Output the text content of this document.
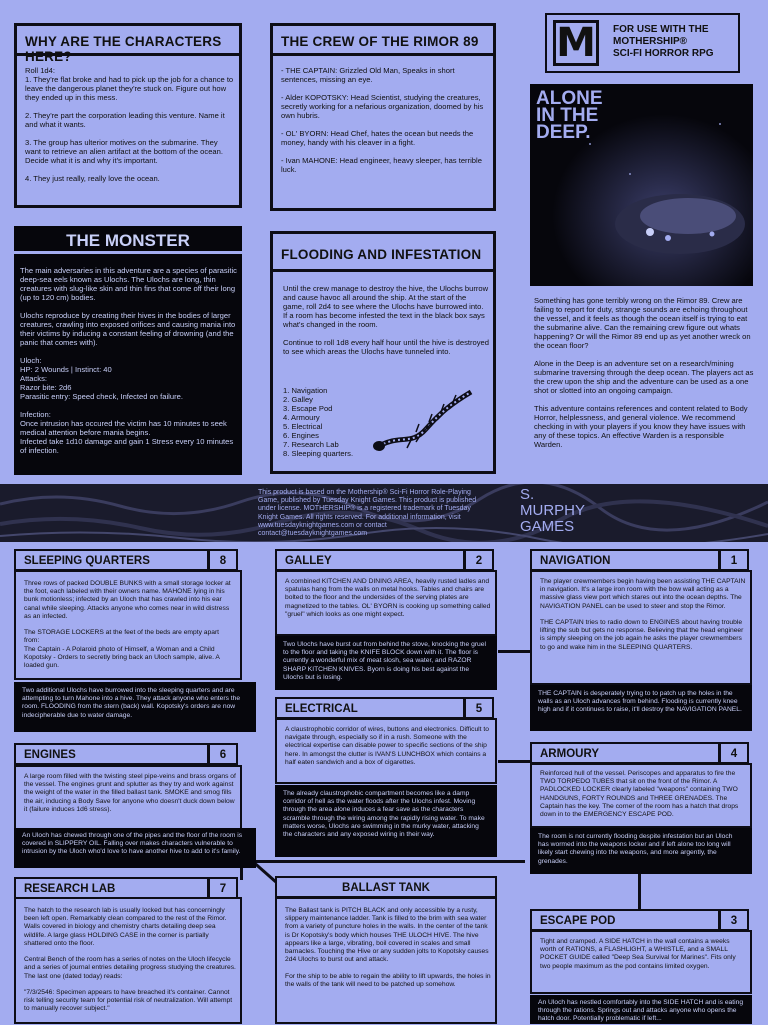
WHY ARE THE CHARACTERS HERE?
Roll 1d4:
1. They're flat broke and had to pick up the job for a chance to leave the dangerous planet they're stuck on. Figure out how they ended up in this mess.

2. They're part the corporation leading this venture. Name it and what it wants.

3. The group has ulterior motives on the submarine. They want to retrieve an alien artifact at the bottom of the ocean. Decide what it is and why it's important.

4. They just really, really love the ocean.
THE CREW OF THE RIMOR 89
- THE CAPTAIN: Grizzled Old Man, Speaks in short sentences, missing an eye.

- Alder KOPOTSKY: Head Scientist, studying the creatures, secretly working for a nefarious organization, doomed by his own hubris.

- OL' BYORN: Head Chef, hates the ocean but needs the money, handy with his cleaver in a fight.

- Ivan MAHONE: Head engineer, heavy sleeper, has terrible luck.
M	FOR USE WITH THE
MOTHERSHIP®
SCI-FI HORROR RPG
ALONE
IN THE
DEEP.
Something has gone terribly wrong on the Rimor 89. Crew are failing to report for duty, strange sounds are echoing throughout the vessel, and it feels as though the ocean itself is trying to eat the submarine alive. Can the remaining crew figure out whats happening? Or will the Rimor 89 end up as yet another wreck on the ocean floor?

Alone in the Deep is an adventure set on a research/mining submarine traversing through the deep ocean. The players act as the crew upon the ship and the adventure can be used as a one shot or slotted into an ongoing campaign.

This adventure contains references and content related to Body Horror, helplessness, and general violence. We recommend checking in with your players if you know they have issues with any of these topics. An effective Warden is a responsible Warden.
THE MONSTER
The main adversaries in this adventure are a species of parasitic deep-sea eels known as Ulochs. The Ulochs are long, thin creatures with slug-like skin and thin fins that come off their long (up to 120 cm) bodies.

Ulochs reproduce by creating their hives in the bodies of larger creatures, crawling into exposed orifices and causing mania into their victims by inducing a constant feeling of drowning (and the panic that comes with).

Uloch:
HP: 2 Wounds | Instinct: 40
Attacks:
Razor bite: 2d6
Parasitic entry: Speed check, Infected on failure.

Infection:
Once intrusion has occured the victim has 10 minutes to seek medical attention before mania begins.
Infected take 1d10 damage and gain 1 Stress every 10 minutes of infection.
FLOODING AND INFESTATION
Until the crew manage to destroy the hive, the Ulochs burrow and cause havoc all around the ship. At the start of the game, roll 2d4 to see where the Ulochs have burrowed into. If a room has become infested the text in the black box says what's changed in the room.

Continue to roll 1d8 every half hour until the hive is destroyed to see which areas the Ulochs have tunneled into.
1. Navigation
2. Galley
3. Escape Pod
4. Armoury
5. Electrical
6. Engines
7. Research Lab
8. Sleeping quarters.
This product is based on the Mothership® Sci-Fi Horror Role-Playing Game, published by Tuesday Knight Games. This product is published under license. MOTHERSHIP® is a registered trademark of Tuesday Knight Games. All rights reserved. For additional information, visit www.tuesdayknightgames.com or contact contact@tuesdayknightgames.com
S.
MURPHY
GAMES
Three rows of packed DOUBLE BUNKS with a small storage locker at the foot, each labeled with their owners name. MAHONE lying in his bunk motionless; infected by an Uloch that has crawled into his ear canal while sleeping. Attacks anyone who comes near in wild distress as an infected.

The STORAGE LOCKERS at the feet of the beds are empty apart from:
The Captain - A Polaroid photo of Himself, a Woman and a Child
Kopotsky - Orders to secretly bring back an Uloch sample, alive. A loaded gun.
SLEEPING QUARTERS	8
Two additional Ulochs have burrowed into the sleeping quarters and are attempting to turn Mahone into a hive. They attack anyone who enters the room. FLOODING from the stern (back) wall. Kopotsky's orders are now indecipherable due to water damage.
A large room filled with the twisting steel pipe-veins and brass organs of the vessel. The engines grunt and splutter as they try and work against the weight of the water in the filled ballast tank. SMOKE and smog fills the air, inducing a Body Save for anyone who doesn't duck down below it (failure induces 1d6 stress).
ENGINES	6
An Uloch has chewed through one of the pipes and the floor of the room is covered in SLIPPERY OIL. Falling over makes characters vulnerable to intrusion by the Uloch who'd love to have another hive to add to it's family.
The hatch to the research lab is usually locked but has concerningly been left open. Remarkably clean compared to the rest of the Rimor. Walls covered in biology and chemistry charts detailing deep sea wildlife. A large glass HOLDING CASE in the corner is partially shattered onto the floor.

Central Bench of the room has a series of notes on the Uloch lifecycle and a series of journal entries detailing progress studying the creatures. The last one (dated today) reads:

"7/3/2546: Specimen appears to have breached it's container. Cannot risk telling security team for potential risk of neutralization. Will attempt to manually recover subject."
RESEARCH LAB	7
A combined KITCHEN AND DINING AREA, heavily rusted ladles and spatulas hang from the walls on metal hooks. Tables and chairs are bolted to the floor and the undersides of the serving plates are magnetized to the tables. OL' BYORN is cooking up something called "gruel" which looks as one might expect.
GALLEY	2
Two Ulochs have burst out from behind the stove, knocking the gruel to the floor and taking the KNIFE BLOCK down with it. The floor is currently a wonderful mix of meat slosh, sea water, and RAZOR SHARP KITCHEN KNIVES. Byorn is doing his best against the Ulochs but is losing.
A claustrophobic corridor of wires, buttons and electronics. Difficult to navigate through, especially so if in a rush. Someone with the electrical expertise can disable power to specific sections of the ship here. In amongst the clutter is IVAN'S LUNCHBOX which contains a half eaten sandwich and a box of cigarettes.
ELECTRICAL	5
The already claustrophobic compartment becomes like a damp corridor of hell as the water floods after the Ulochs infest. Moving through the area alone induces a fear save as the characters scramble through the wiring among the rapidly rising water. To make matters worse, Ulochs are swimming in the murky water, attacking the characters and any exposed wiring in their way.
The Ballast tank is PITCH BLACK and only accessible by a rusty, slippery maintenance ladder. Tank is filled to the brim with sea water from a variety of puncture holes in the walls. In the center of the tank is Dr Kopotsky's body which houses THE ULOCH HIVE. The hive appears like a large, vibrating, boil covered in scales and small barnacles. Touching the Hive or any sudden jolts to Kopotsky causes 2d4 Ulochs to burst out and attack.

For the ship to be able to regain the ability to lift upwards, the holes in the walls of the tank will need to be patched up somehow.
BALLAST TANK
The player crewmembers begin having been assisting THE CAPTAIN in navigation. It's a large iron room with the bow wall acting as a massive glass view port which stares out into the ocean depths. The NAVIGATION PANEL can be used to steer and stop the Rimor.

THE CAPTAIN tries to radio down to ENGINES about having trouble lifting the sub but gets no response. Believing that the head engineer is simply sleeping on the job again he asks the player crewmembers to go and wake him in the SLEEPING QUARTERS.
NAVIGATION	1
THE CAPTAIN is desperately trying to to patch up the holes in the walls as an Uloch advances from behind. Flooding is currently knee high and if it continues to raise, it'll destroy the NAVIGATION PANEL.
Reinforced hull of the vessel. Periscopes and apparatus to fire the TWO TORPEDO TUBES that sit on the front of the Rimor. A PADLOCKED LOCKER clearly labeled "weapons" containing TWO HANDGUNS, FORTY ROUNDS and THREE GRENADES. The Captain has the key. The corner of the room has a hatch that drops down in to the EMERGENCY ESCAPE POD.
ARMOURY	4
The room is not currently flooding despite infestation but an Uloch has wormed into the weapons locker and if left alone too long will likely start chewing into the weapons, and more argently, the grenades.
Tight and cramped. A SIDE HATCH in the wall contains a weeks worth of RATIONS, a FLASHLIGHT, a WHISTLE, and a SMALL POCKET GUIDE called "Deep Sea Survival for Marines". Fits only two people maximum as the pod contains limited oxygen.
ESCAPE POD	3
An Uloch has nestled comfortably into the SIDE HATCH and is eating through the rations. Springs out and attacks anyone who opens the hatch door. Potentially problematic if left...
